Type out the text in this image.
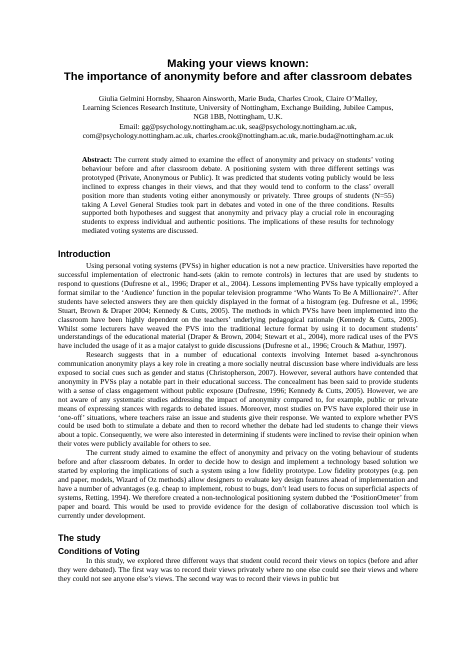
Making your views known:
The importance of anonymity before and after classroom debates
Giulia Gelmini Hornsby, Shaaron Ainsworth, Marie Buda, Charles Crook, Claire O’Malley,
Learning Sciences Research Institute, University of Nottingham, Exchange Building, Jubilee Campus,
NG8 1BB, Nottingham, U.K.
Email: gg@psychology.nottingham.ac.uk, sea@psychology.nottingham.ac.uk,
com@psychology.nottingham.ac.uk, charles.crook@nottingham.ac.uk, marie.buda@nottingham.ac.uk
Abstract: The current study aimed to examine the effect of anonymity and privacy on students’ voting behaviour before and after classroom debate. A positioning system with three different settings was prototyped (Private, Anonymous or Public). It was predicted that students voting publicly would be less inclined to express changes in their views, and that they would tend to conform to the class’ overall position more than students voting either anonymously or privately. Three groups of students (N=55) taking A Level General Studies took part in debates and voted in one of the three conditions. Results supported both hypotheses and suggest that anonymity and privacy play a crucial role in encouraging students to express individual and authentic positions. The implications of these results for technology mediated voting systems are discussed.
Introduction

Using personal voting systems (PVSs) in higher education is not a new practice. Universities have reported the successful implementation of electronic hand-sets (akin to remote controls) in lectures that are used by students to respond to questions (Dufresne et al., 1996; Draper et al., 2004). Lessons implementing PVSs have typically employed a format similar to the ‘Audience’ function in the popular television programme ‘Who Wants To Be A Millionaire?’. After students have selected answers they are then quickly displayed in the format of a histogram (eg. Dufresne et al., 1996; Stuart, Brown & Draper 2004; Kennedy & Cutts, 2005). The methods in which PVSs have been implemented into the classroom have been highly dependent on the teachers’ underlying pedagogical rationale (Kennedy & Cutts, 2005). Whilst some lecturers have weaved the PVS into the traditional lecture format by using it to document students’ understandings of the educational material (Draper & Brown, 2004; Stewart et al., 2004), more radical uses of the PVS have included the usage of it as a major catalyst to guide discussions (Dufresne et al., 1996; Crouch & Mathur, 1997).

Research suggests that in a number of educational contexts involving Internet based a-synchronous communication anonymity plays a key role in creating a more socially neutral discussion base where individuals are less exposed to social cues such as gender and status (Christopherson, 2007). However, several authors have contended that anonymity in PVSs play a notable part in their educational success. The concealment has been said to provide students with a sense of class engagement without public exposure (Dufresne, 1996; Kennedy & Cutts, 2005). However, we are not aware of any systematic studies addressing the impact of anonymity compared to, for example, public or private means of expressing stances with regards to debated issues. Moreover, most studies on PVS have explored their use in ‘one-off’ situations, where teachers raise an issue and students give their response. We wanted to explore whether PVS could be used both to stimulate a debate and then to record whether the debate had led students to change their views about a topic. Consequently, we were also interested in determining if students were inclined to revise their opinion when their votes were publicly available for others to see.

The current study aimed to examine the effect of anonymity and privacy on the voting behaviour of students before and after classroom debates. In order to decide how to design and implement a technology based solution we started by exploring the implications of such a system using a low fidelity prototype. Low fidelity prototypes (e.g. pen and paper, models, Wizard of Oz methods) allow designers to evaluate key design features ahead of implementation and have a number of advantages (e.g. cheap to implement, robust to bugs, don’t lead users to focus on superficial aspects of systems, Retting, 1994). We therefore created a non-technological positioning system dubbed the ‘PositionOmeter’ from paper and board. This would be used to provide evidence for the design of collaborative discussion tool which is currently under development.

The study
Conditions of Voting

In this study, we explored three different ways that student could record their views on topics (before and after they were debated). The first way was to record their views privately where no one else could see their views and where they could not see anyone else’s views. The second way was to record their views in public but
